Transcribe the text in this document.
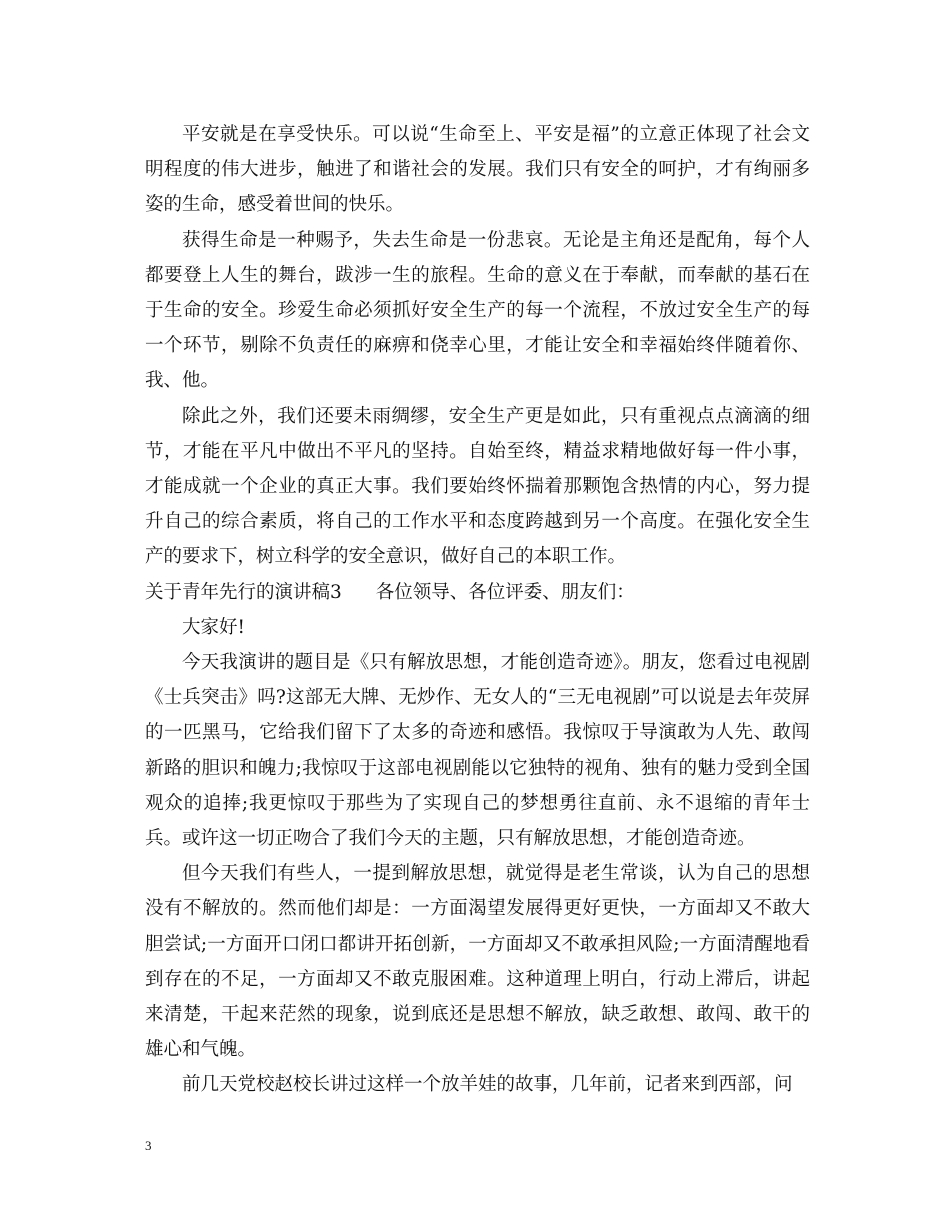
平安就是在享受快乐。可以说“生命至上、平安是福”的立意正体现了社会文明程度的伟大进步，触进了和谐社会的发展。我们只有安全的呵护，才有绚丽多姿的生命，感受着世间的快乐。

获得生命是一种赐予，失去生命是一份悲哀。无论是主角还是配角，每个人都要登上人生的舞台，跋涉一生的旅程。生命的意义在于奉献，而奉献的基石在于生命的安全。珍爱生命必须抓好安全生产的每一个流程，不放过安全生产的每一个环节，剔除不负责任的麻痹和侥幸心里，才能让安全和幸福始终伴随着你、我、他。

除此之外，我们还要未雨绸缪，安全生产更是如此，只有重视点点滴滴的细节，才能在平凡中做出不平凡的坚持。自始至终，精益求精地做好每一件小事，才能成就一个企业的真正大事。我们要始终怀揣着那颗饱含热情的内心，努力提升自己的综合素质，将自己的工作水平和态度跨越到另一个高度。在强化安全生产的要求下，树立科学的安全意识，做好自己的本职工作。

关于青年先行的演讲稿3 各位领导、各位评委、朋友们：

大家好!

今天我演讲的题目是《只有解放思想，才能创造奇迹》。朋友，您看过电视剧《士兵突击》吗?这部无大牌、无炒作、无女人的“三无电视剧”可以说是去年荧屏的一匹黑马，它给我们留下了太多的奇迹和感悟。我惊叹于导演敢为人先、敢闯新路的胆识和魄力;我惊叹于这部电视剧能以它独特的视角、独有的魅力受到全国观众的追捧;我更惊叹于那些为了实现自己的梦想勇往直前、永不退缩的青年士兵。或许这一切正吻合了我们今天的主题，只有解放思想，才能创造奇迹。

但今天我们有些人，一提到解放思想，就觉得是老生常谈，认为自己的思想没有不解放的。然而他们却是：一方面渴望发展得更好更快，一方面却又不敢大胆尝试;一方面开口闭口都讲开拓创新，一方面却又不敢承担风险;一方面清醒地看到存在的不足，一方面却又不敢克服困难。这种道理上明白，行动上滞后，讲起来清楚，干起来茫然的现象，说到底还是思想不解放，缺乏敢想、敢闯、敢干的雄心和气魄。

前几天党校赵校长讲过这样一个放羊娃的故事，几年前，记者来到西部，问

3
